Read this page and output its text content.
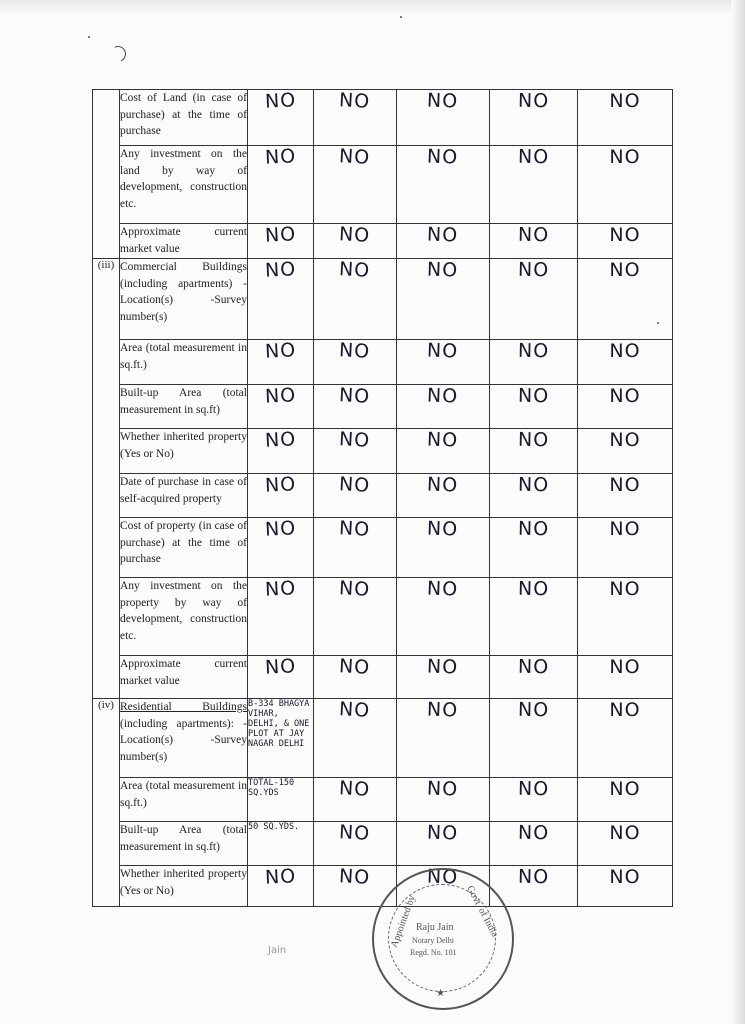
	Cost of Land (in case of purchase) at the time of purchase	NO	NO	NO	NO	NO
	Any investment on the land by way of development, construction etc.	NO	NO	NO	NO	NO
	Approximate current market value	NO	NO	NO	NO	NO
(iii)	Commercial Buildings (including apartments) -Location(s) -Survey number(s)	NO	NO	NO	NO	NO
	Area (total measurement in sq.ft.)	NO	NO	NO	NO	NO
	Built-up Area (total measurement in sq.ft)	NO	NO	NO	NO	NO
	Whether inherited property (Yes or No)	NO	NO	NO	NO	NO
	Date of purchase in case of self-acquired property	NO	NO	NO	NO	NO
	Cost of property (in case of purchase) at the time of purchase	NO	NO	NO	NO	NO
	Any investment on the property by way of development, construction etc.	NO	NO	NO	NO	NO
	Approximate current market value	NO	NO	NO	NO	NO
(iv)	Residential Buildings (including apartments): -Location(s) -Survey number(s)	B-334 BHAGYA VIHAR, DELHI, & ONE PLOT AT JAY NAGAR DELHI	NO	NO	NO	NO
	Area (total measurement in sq.ft.)	TOTAL-150 SQ.YDS	NO	NO	NO	NO
	Built-up Area (total measurement in sq.ft)	50 SQ.YDS.	NO	NO	NO	NO
	Whether inherited property (Yes or No)	NO	NO	NO	NO	NO
Appointed by	Govt. of India
Raju Jain
Notary Delhi
Regd. No. 101
★
Jain
